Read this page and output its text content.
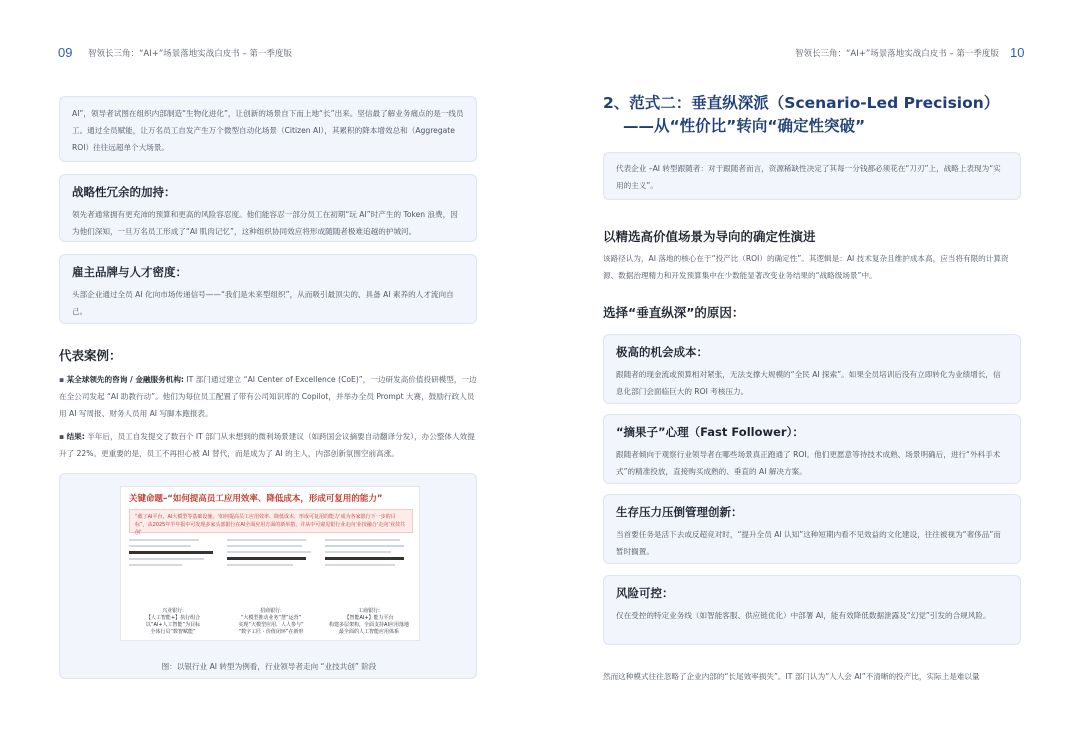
09 智领长三角：“AI+”场景落地实战白皮书 – 第一季度版
AI”，领导者试图在组织内部制造“生物化进化”，让创新的场景自下而上地“长”出来。坚信最了解业务痛点的是一线员工。通过全员赋能，让万名员工自发产生万个微型自动化场景（Citizen AI），其累积的降本增效总和（Aggregate ROI）往往远超单个大场景。
战略性冗余的加持：
领先者通常拥有更充沛的预算和更高的风险容忍度。他们能容忍一部分员工在初期“玩 AI”时产生的 Token 浪费，因为他们深知，一旦万名员工形成了“AI 肌肉记忆”，这种组织协同效应将形成随随者极难追越的护城河。
雇主品牌与人才密度：
头部企业通过全员 AI 化向市场传递信号——“我们是未来型组织”，从而吸引最顶尖的、具备 AI 素养的人才流向自己。
代表案例：
▪ 某全球领先的咨询 / 金融服务机构: IT 部门通过建立 “AI Center of Excellence (CoE)”，一边研发高价值投研模型，一边在全公司发起 “AI 助教行动”。他们为每位员工配置了带有公司知识库的 Copilot，并举办全员 Prompt 大赛，鼓励行政人员用 AI 写周报、财务人员用 AI 写脚本跑报表。
▪ 结果: 半年后，员工自发提交了数百个 IT 部门从未想到的微利场景建议（如跨国会议摘要自动翻译分发），办公整体人效提升了 22%。更重要的是，员工不再担心被 AI 替代，而是成为了 AI 的主人，内部创新氛围空前高涨。
关键命题–“如何提高员工应用效率、降低成本，形成可复用的能力”
“截了AI平台，AI大模型等基础设施，‘如何提高员工应用效率、降低成本，形成可复用的能力’成为各家银行下一步的目标”，从2025年半年报中可发现多家头部银行在AI全面应用方面的新举措，并从中可窥见银行业走向‘业技融合’走向‘业技共创’
兴业银行:
【人工智能+】执行组合
以“AI+人工智能”为目标
全体行员“数智赋能”
招商银行:
“大模型推动业务“慧”运营”
实现“大模型应用，人人参与”
“数字工匠 · 价值闭环”在新形
工商银行:
【智能AI+】能力平台
构建多层架构，全面支持AI应用落地
最全面的人工智能应用体系
图：以银行业 AI 转型为例看，行业领导者走向 “业技共创” 阶段
智领长三角：“AI+”场景落地实战白皮书 – 第一季度版 10
2、范式二：垂直纵深派（Scenario-Led Precision）
——从“性价比”转向“确定性突破”
代表企业 –AI 转型跟随者：对于跟随者而言，资源稀缺性决定了其每一分钱都必须花在“刀刃”上，战略上表现为“实用的主义”。
以精选高价值场景为导向的确定性演进
该路径认为，AI 落地的核心在于“投产比（ROI）的确定性”。其逻辑是：AI 技术复杂且维护成本高，应当将有限的计算资源、数据治理精力和开发预算集中在少数能显著改变业务结果的“战略级场景”中。
选择“垂直纵深”的原因：
极高的机会成本：
跟随者的现金流或预算相对紧张，无法支撑大规模的“全民 AI 探索”。如果全员培训后没有立即转化为业绩增长，信息化部门会面临巨大的 ROI 考核压力。
“摘果子”心理（Fast Follower）：
跟随者倾向于观察行业领导者在哪些场景真正跑通了 ROI。他们更愿意等待技术成熟、场景明确后，进行“外科手术式”的精准投放，直接购买成熟的、垂直的 AI 解决方案。
生存压力压倒管理创新：
当首要任务是活下去或反超竞对时，“提升全员 AI 认知”这种短期内看不见效益的文化建设，往往被视为“奢侈品”而暂时搁置。
风险可控：
仅在受控的特定业务线（如智能客服、供应链优化）中部署 AI，能有效降低数据泄露及“幻觉”引发的合规风险。
然而这种模式往往忽略了企业内部的“长尾效率损失”。IT 部门认为“人人会 AI”不清晰的投产比，实际上是难以量
